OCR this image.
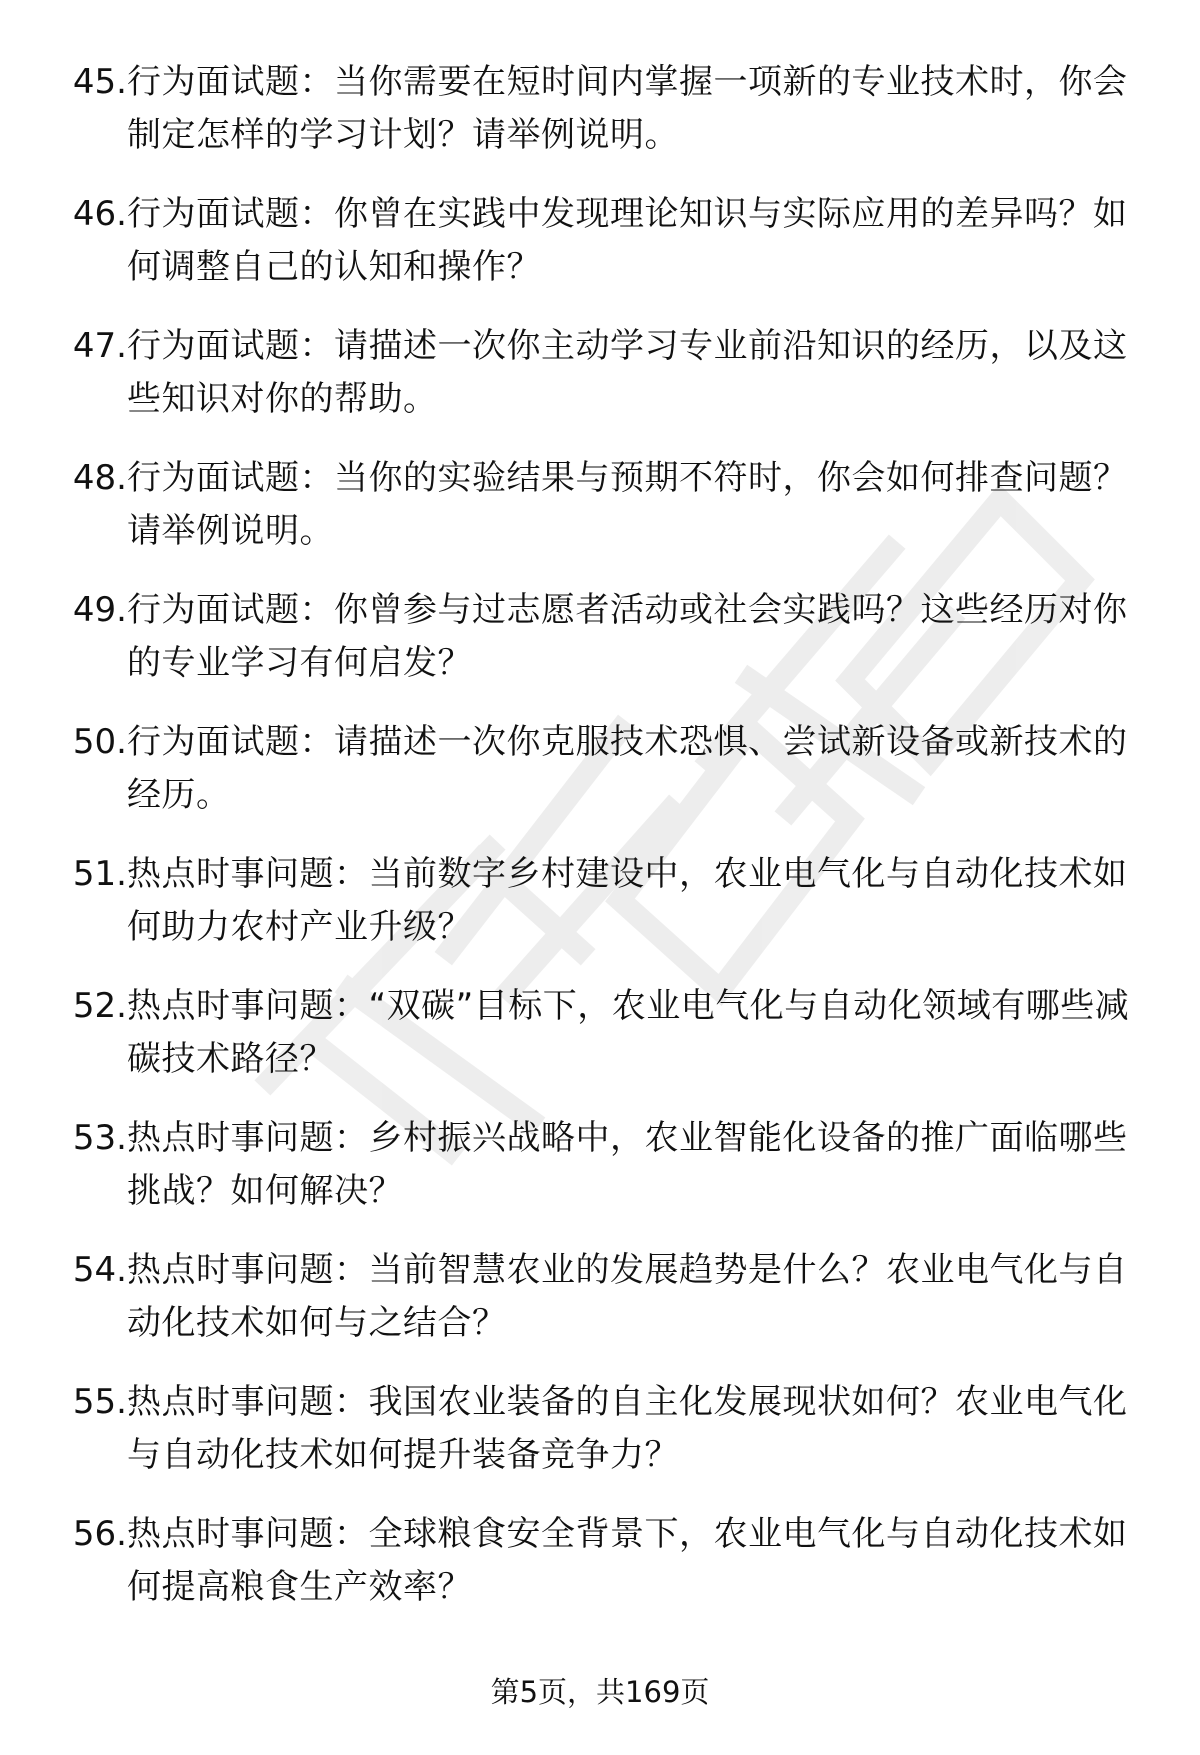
45. 行为面试题：当你需要在短时间内掌握一项新的专业技术时，你会制定怎样的学习计划？请举例说明。
46. 行为面试题：你曾在实践中发现理论知识与实际应用的差异吗？如何调整自己的认知和操作？
47. 行为面试题：请描述一次你主动学习专业前沿知识的经历，以及这些知识对你的帮助。
48. 行为面试题：当你的实验结果与预期不符时，你会如何排查问题？请举例说明。
49. 行为面试题：你曾参与过志愿者活动或社会实践吗？这些经历对你的专业学习有何启发？
50. 行为面试题：请描述一次你克服技术恐惧、尝试新设备或新技术的经历。
51. 热点时事问题：当前数字乡村建设中，农业电气化与自动化技术如何助力农村产业升级？
52. 热点时事问题：“双碳”目标下，农业电气化与自动化领域有哪些减碳技术路径？
53. 热点时事问题：乡村振兴战略中，农业智能化设备的推广面临哪些挑战？如何解决？
54. 热点时事问题：当前智慧农业的发展趋势是什么？农业电气化与自动化技术如何与之结合？
55. 热点时事问题：我国农业装备的自主化发展现状如何？农业电气化与自动化技术如何提升装备竞争力？
56. 热点时事问题：全球粮食安全背景下，农业电气化与自动化技术如何提高粮食生产效率？
第5页，共169页
